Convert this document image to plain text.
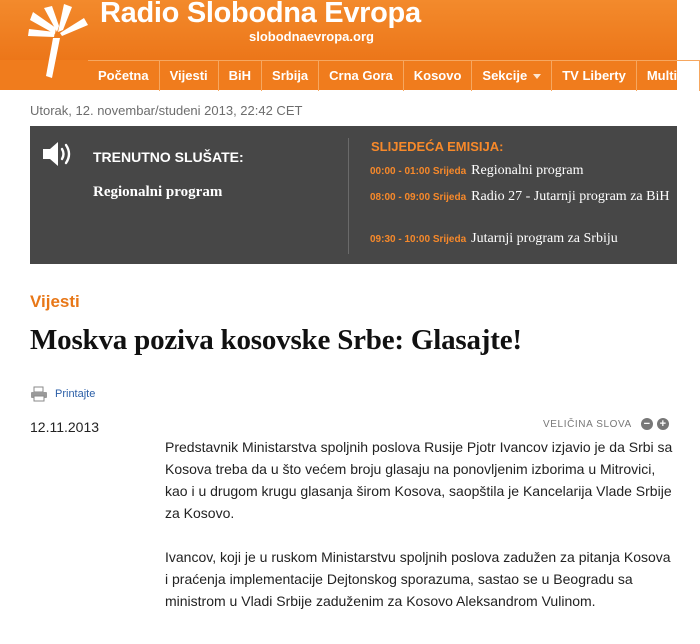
Radio Slobodna Evropa
slobodnaevropa.org
Početna Vijesti BiH Srbija Crna Gora Kosovo Sekcije	TV Liberty Multim
Utorak, 12. novembar/studeni 2013, 22:42 CET
TRENUTNO SLUŠATE:
Regionalni program
SLIJEDEĆA EMISIJA:
00:00 - 01:00 Srijeda Regionalni program
08:00 - 09:00 Srijeda Radio 27 - Jutarnji program za BiH
09:30 - 10:00 Srijeda Jutarnji program za Srbiju
Vijesti
Moskva poziva kosovske Srbe: Glasajte!
Printajte
12.11.2013	VELIČINA SLOVA − +

Predstavnik Ministarstva spoljnih poslova Rusije Pjotr Ivancov izjavio je da Srbi sa Kosova treba da u što većem broju glasaju na ponovljenim izborima u Mitrovici, kao i u drugom krugu glasanja širom Kosova, saopštila je Kancelarija Vlade Srbije za Kosovo.

Ivancov, koji je u ruskom Ministarstvu spoljnih poslova zadužen za pitanja Kosova i praćenja implementacije Dejtonskog sporazuma, sastao se u Beogradu sa ministrom u Vladi Srbije zaduženim za Kosovo Aleksandrom Vulinom.
